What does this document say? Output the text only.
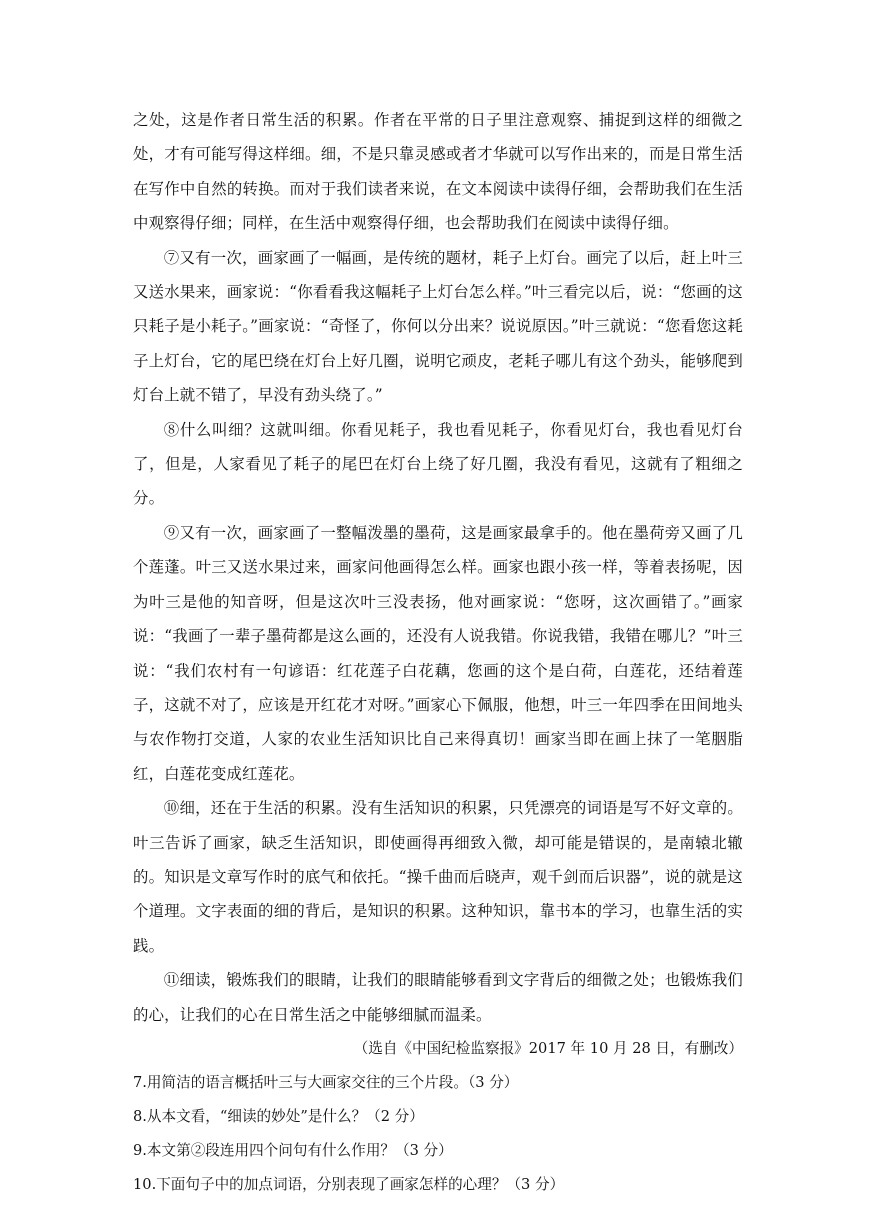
之处，这是作者日常生活的积累。作者在平常的日子里注意观察、捕捉到这样的细微之处，才有可能写得这样细。细，不是只靠灵感或者才华就可以写作出来的，而是日常生活在写作中自然的转换。而对于我们读者来说，在文本阅读中读得仔细，会帮助我们在生活中观察得仔细；同样，在生活中观察得仔细，也会帮助我们在阅读中读得仔细。

⑦又有一次，画家画了一幅画，是传统的题材，耗子上灯台。画完了以后，赶上叶三又送水果来，画家说：“你看看我这幅耗子上灯台怎么样。”叶三看完以后，说：“您画的这只耗子是小耗子。”画家说：“奇怪了，你何以分出来？说说原因。”叶三就说：“您看您这耗子上灯台，它的尾巴绕在灯台上好几圈，说明它顽皮，老耗子哪儿有这个劲头，能够爬到灯台上就不错了，早没有劲头绕了。”

⑧什么叫细？这就叫细。你看见耗子，我也看见耗子，你看见灯台，我也看见灯台了，但是，人家看见了耗子的尾巴在灯台上绕了好几圈，我没有看见，这就有了粗细之分。

⑨又有一次，画家画了一整幅泼墨的墨荷，这是画家最拿手的。他在墨荷旁又画了几个莲蓬。叶三又送水果过来，画家问他画得怎么样。画家也跟小孩一样，等着表扬呢，因为叶三是他的知音呀，但是这次叶三没表扬，他对画家说：“您呀，这次画错了。”画家说：“我画了一辈子墨荷都是这么画的，还没有人说我错。你说我错，我错在哪儿？”叶三说：“我们农村有一句谚语：红花莲子白花藕，您画的这个是白荷，白莲花，还结着莲子，这就不对了，应该是开红花才对呀。”画家心下佩服，他想，叶三一年四季在田间地头与农作物打交道，人家的农业生活知识比自己来得真切！画家当即在画上抹了一笔胭脂红，白莲花变成红莲花。

⑩细，还在于生活的积累。没有生活知识的积累，只凭漂亮的词语是写不好文章的。叶三告诉了画家，缺乏生活知识，即使画得再细致入微，却可能是错误的，是南辕北辙的。知识是文章写作时的底气和依托。“操千曲而后晓声，观千剑而后识器”，说的就是这个道理。文字表面的细的背后，是知识的积累。这种知识，靠书本的学习，也靠生活的实践。

⑪细读，锻炼我们的眼睛，让我们的眼睛能够看到文字背后的细微之处；也锻炼我们的心，让我们的心在日常生活之中能够细腻而温柔。

（选自《中国纪检监察报》2017 年 10 月 28 日，有删改）

7.用简洁的语言概括叶三与大画家交往的三个片段。（3 分）

8.从本文看，“细读的妙处”是什么？（2 分）

9.本文第②段连用四个问句有什么作用？（3 分）

10.下面句子中的加点词语，分别表现了画家怎样的心理？（3 分）
